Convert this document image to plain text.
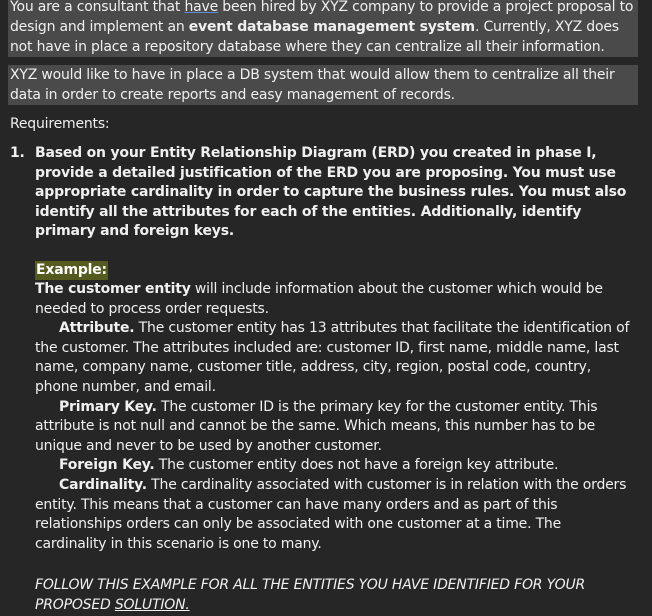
You are a consultant that have been hired by XYZ company to provide a project proposal to design and implement an event database management system. Currently, XYZ does not have in place a repository database where they can centralize all their information.
XYZ would like to have in place a DB system that would allow them to centralize all their data in order to create reports and easy management of records.
Requirements:
1. Based on your Entity Relationship Diagram (ERD) you created in phase I, provide a detailed justification of the ERD you are proposing. You must use appropriate cardinality in order to capture the business rules. You must also identify all the attributes for each of the entities. Additionally, identify primary and foreign keys.
Example:

The customer entity will include information about the customer which would be needed to process order requests.

Attribute. The customer entity has 13 attributes that facilitate the identification of the customer. The attributes included are: customer ID, first name, middle name, last name, company name, customer title, address, city, region, postal code, country, phone number, and email.

Primary Key. The customer ID is the primary key for the customer entity. This attribute is not null and cannot be the same. Which means, this number has to be unique and never to be used by another customer.

Foreign Key. The customer entity does not have a foreign key attribute.

Cardinality. The cardinality associated with customer is in relation with the orders entity. This means that a customer can have many orders and as part of this relationships orders can only be associated with one customer at a time. The cardinality in this scenario is one to many.

FOLLOW THIS EXAMPLE FOR ALL THE ENTITIES YOU HAVE IDENTIFIED FOR YOUR PROPOSED SOLUTION.
